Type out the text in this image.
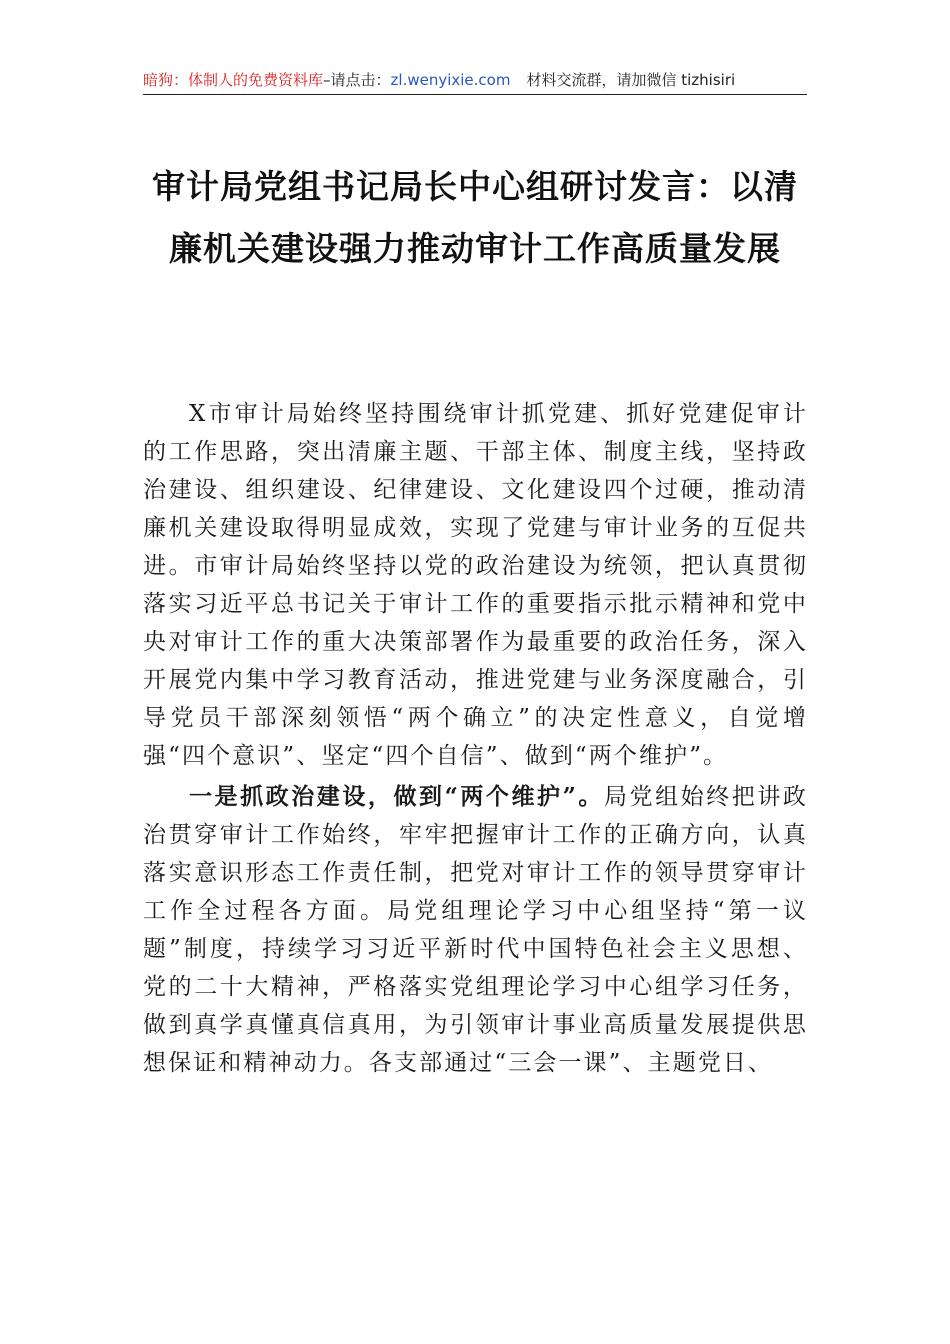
暗狗：体制人的免费资料库–请点击：zl.wenyixie.com 材料交流群，请加微信 tizhisiri
审计局党组书记局长中心组研讨发言：以清廉机关建设强力推动审计工作高质量发展

X市审计局始终坚持围绕审计抓党建、抓好党建促审计的工作思路，突出清廉主题、干部主体、制度主线，坚持政治建设、组织建设、纪律建设、文化建设四个过硬，推动清廉机关建设取得明显成效，实现了党建与审计业务的互促共进。市审计局始终坚持以党的政治建设为统领，把认真贯彻落实习近平总书记关于审计工作的重要指示批示精神和党中央对审计工作的重大决策部署作为最重要的政治任务，深入开展党内集中学习教育活动，推进党建与业务深度融合，引导党员干部深刻领悟“两个确立”的决定性意义，自觉增强“四个意识”、坚定“四个自信”、做到“两个维护”。

一是抓政治建设，做到“两个维护”。局党组始终把讲政治贯穿审计工作始终，牢牢把握审计工作的正确方向，认真落实意识形态工作责任制，把党对审计工作的领导贯穿审计工作全过程各方面。局党组理论学习中心组坚持“第一议题”制度，持续学习习近平新时代中国特色社会主义思想、党的二十大精神，严格落实党组理论学习中心组学习任务，做到真学真懂真信真用，为引领审计事业高质量发展提供思想保证和精神动力。各支部通过“三会一课”、主题党日、
